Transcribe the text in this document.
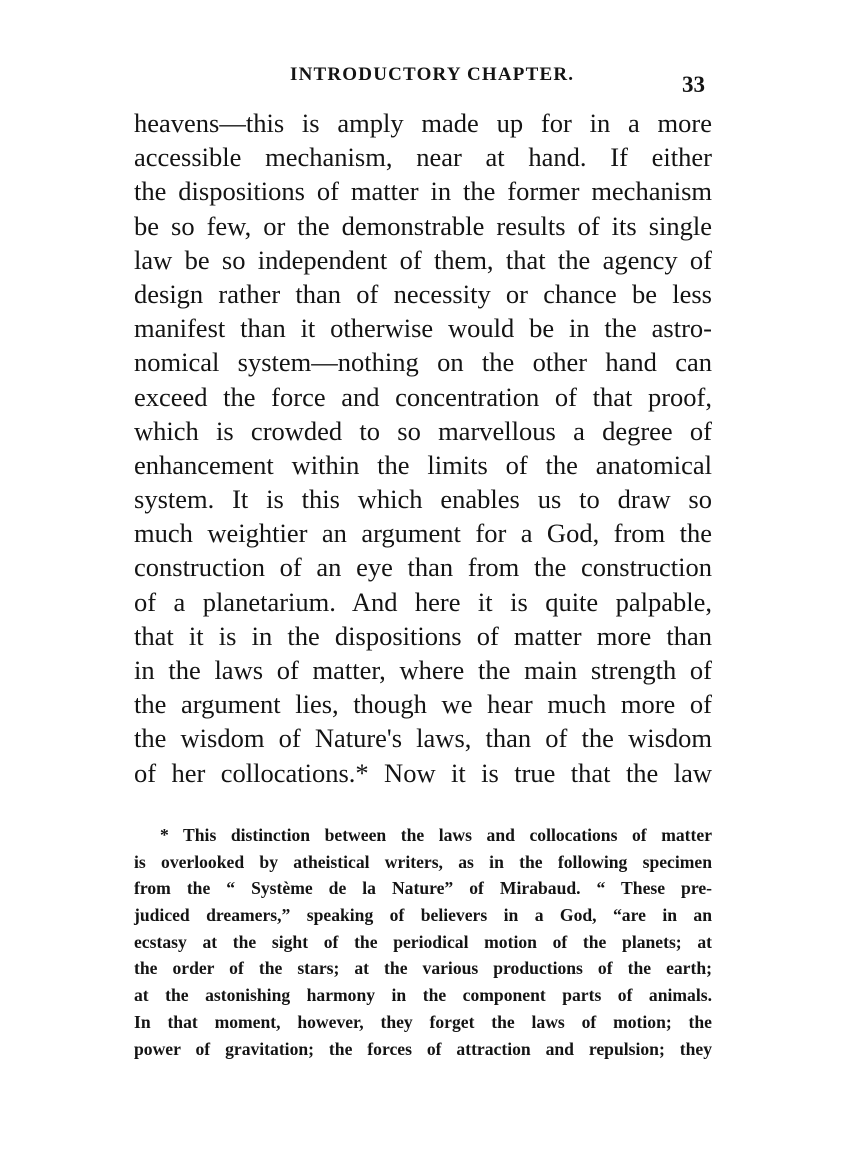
INTRODUCTORY CHAPTER.	33
heavens—this is amply made up for in a more
accessible mechanism, near at hand. If either
the dispositions of matter in the former mechanism
be so few, or the demonstrable results of its single
law be so independent of them, that the agency of
design rather than of necessity or chance be less
manifest than it otherwise would be in the astro-
nomical system—nothing on the other hand can
exceed the force and concentration of that proof,
which is crowded to so marvellous a degree of
enhancement within the limits of the anatomical
system. It is this which enables us to draw so
much weightier an argument for a God, from the
construction of an eye than from the construction
of a planetarium. And here it is quite palpable,
that it is in the dispositions of matter more than
in the laws of matter, where the main strength of
the argument lies, though we hear much more of
the wisdom of Nature's laws, than of the wisdom
of her collocations.* Now it is true that the law
* This distinction between the laws and collocations of matter
is overlooked by atheistical writers, as in the following specimen
from the “ Système de la Nature” of Mirabaud. “ These pre-
judiced dreamers,” speaking of believers in a God, “are in an
ecstasy at the sight of the periodical motion of the planets; at
the order of the stars; at the various productions of the earth;
at the astonishing harmony in the component parts of animals.
In that moment, however, they forget the laws of motion; the
power of gravitation; the forces of attraction and repulsion; they
